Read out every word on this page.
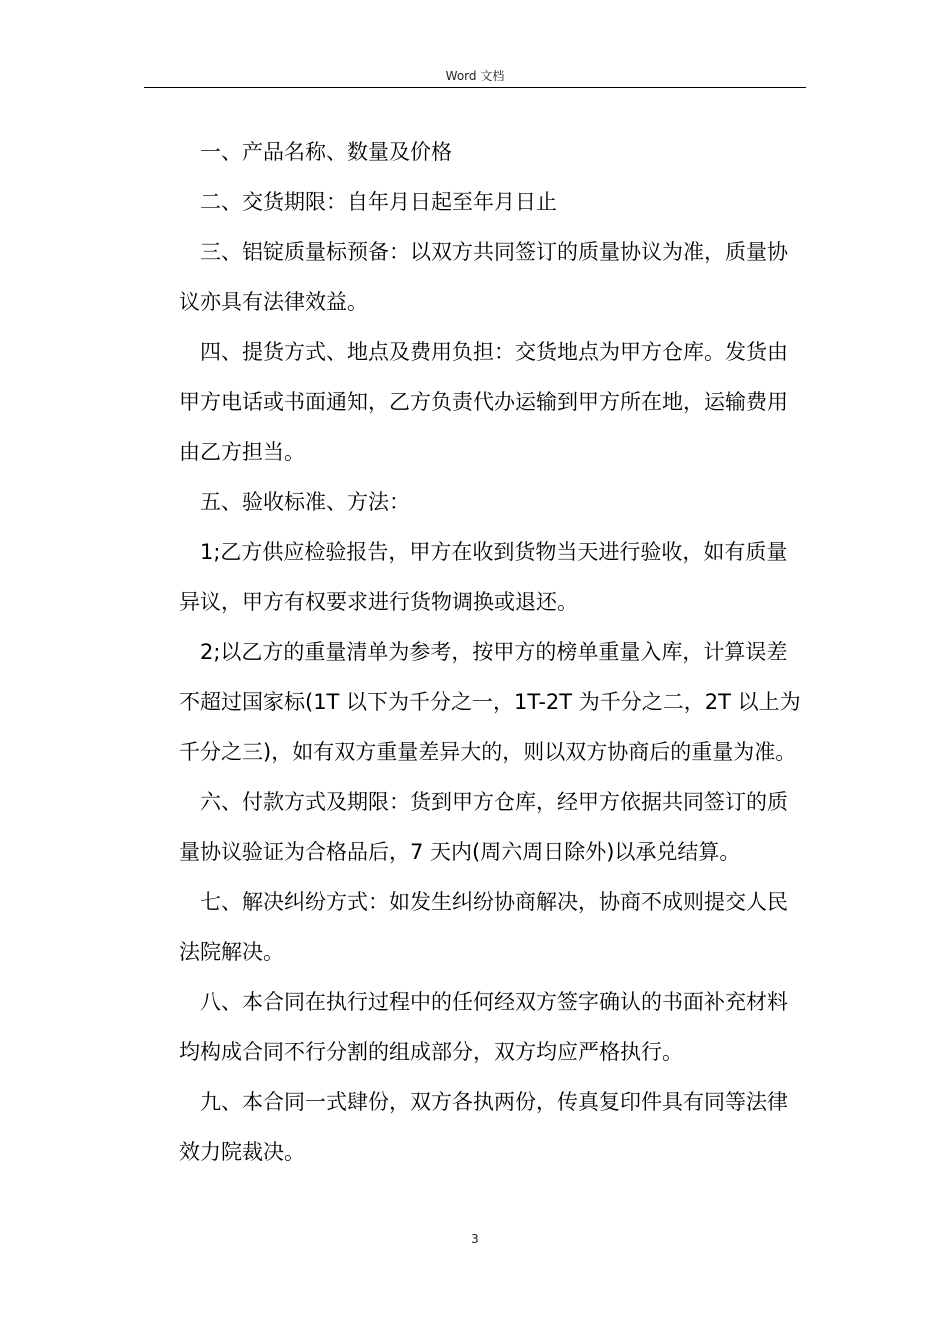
Word 文档

一、产品名称、数量及价格

二、交货期限：自年月日起至年月日止

三、铝锭质量标预备：以双方共同签订的质量协议为准，质量协议亦具有法律效益。

四、提货方式、地点及费用负担：交货地点为甲方仓库。发货由甲方电话或书面通知，乙方负责代办运输到甲方所在地，运输费用由乙方担当。

五、验收标准、方法：

1;乙方供应检验报告，甲方在收到货物当天进行验收，如有质量异议，甲方有权要求进行货物调换或退还。

2;以乙方的重量清单为参考，按甲方的榜单重量入库，计算误差不超过国家标(1T 以下为千分之一，1T-2T 为千分之二，2T 以上为千分之三)，如有双方重量差异大的，则以双方协商后的重量为准。

六、付款方式及期限：货到甲方仓库，经甲方依据共同签订的质量协议验证为合格品后，7 天内(周六周日除外)以承兑结算。

七、解决纠纷方式：如发生纠纷协商解决，协商不成则提交人民法院解决。

八、本合同在执行过程中的任何经双方签字确认的书面补充材料均构成合同不行分割的组成部分，双方均应严格执行。

九、本合同一式肆份，双方各执两份，传真复印件具有同等法律效力院裁决。

3
